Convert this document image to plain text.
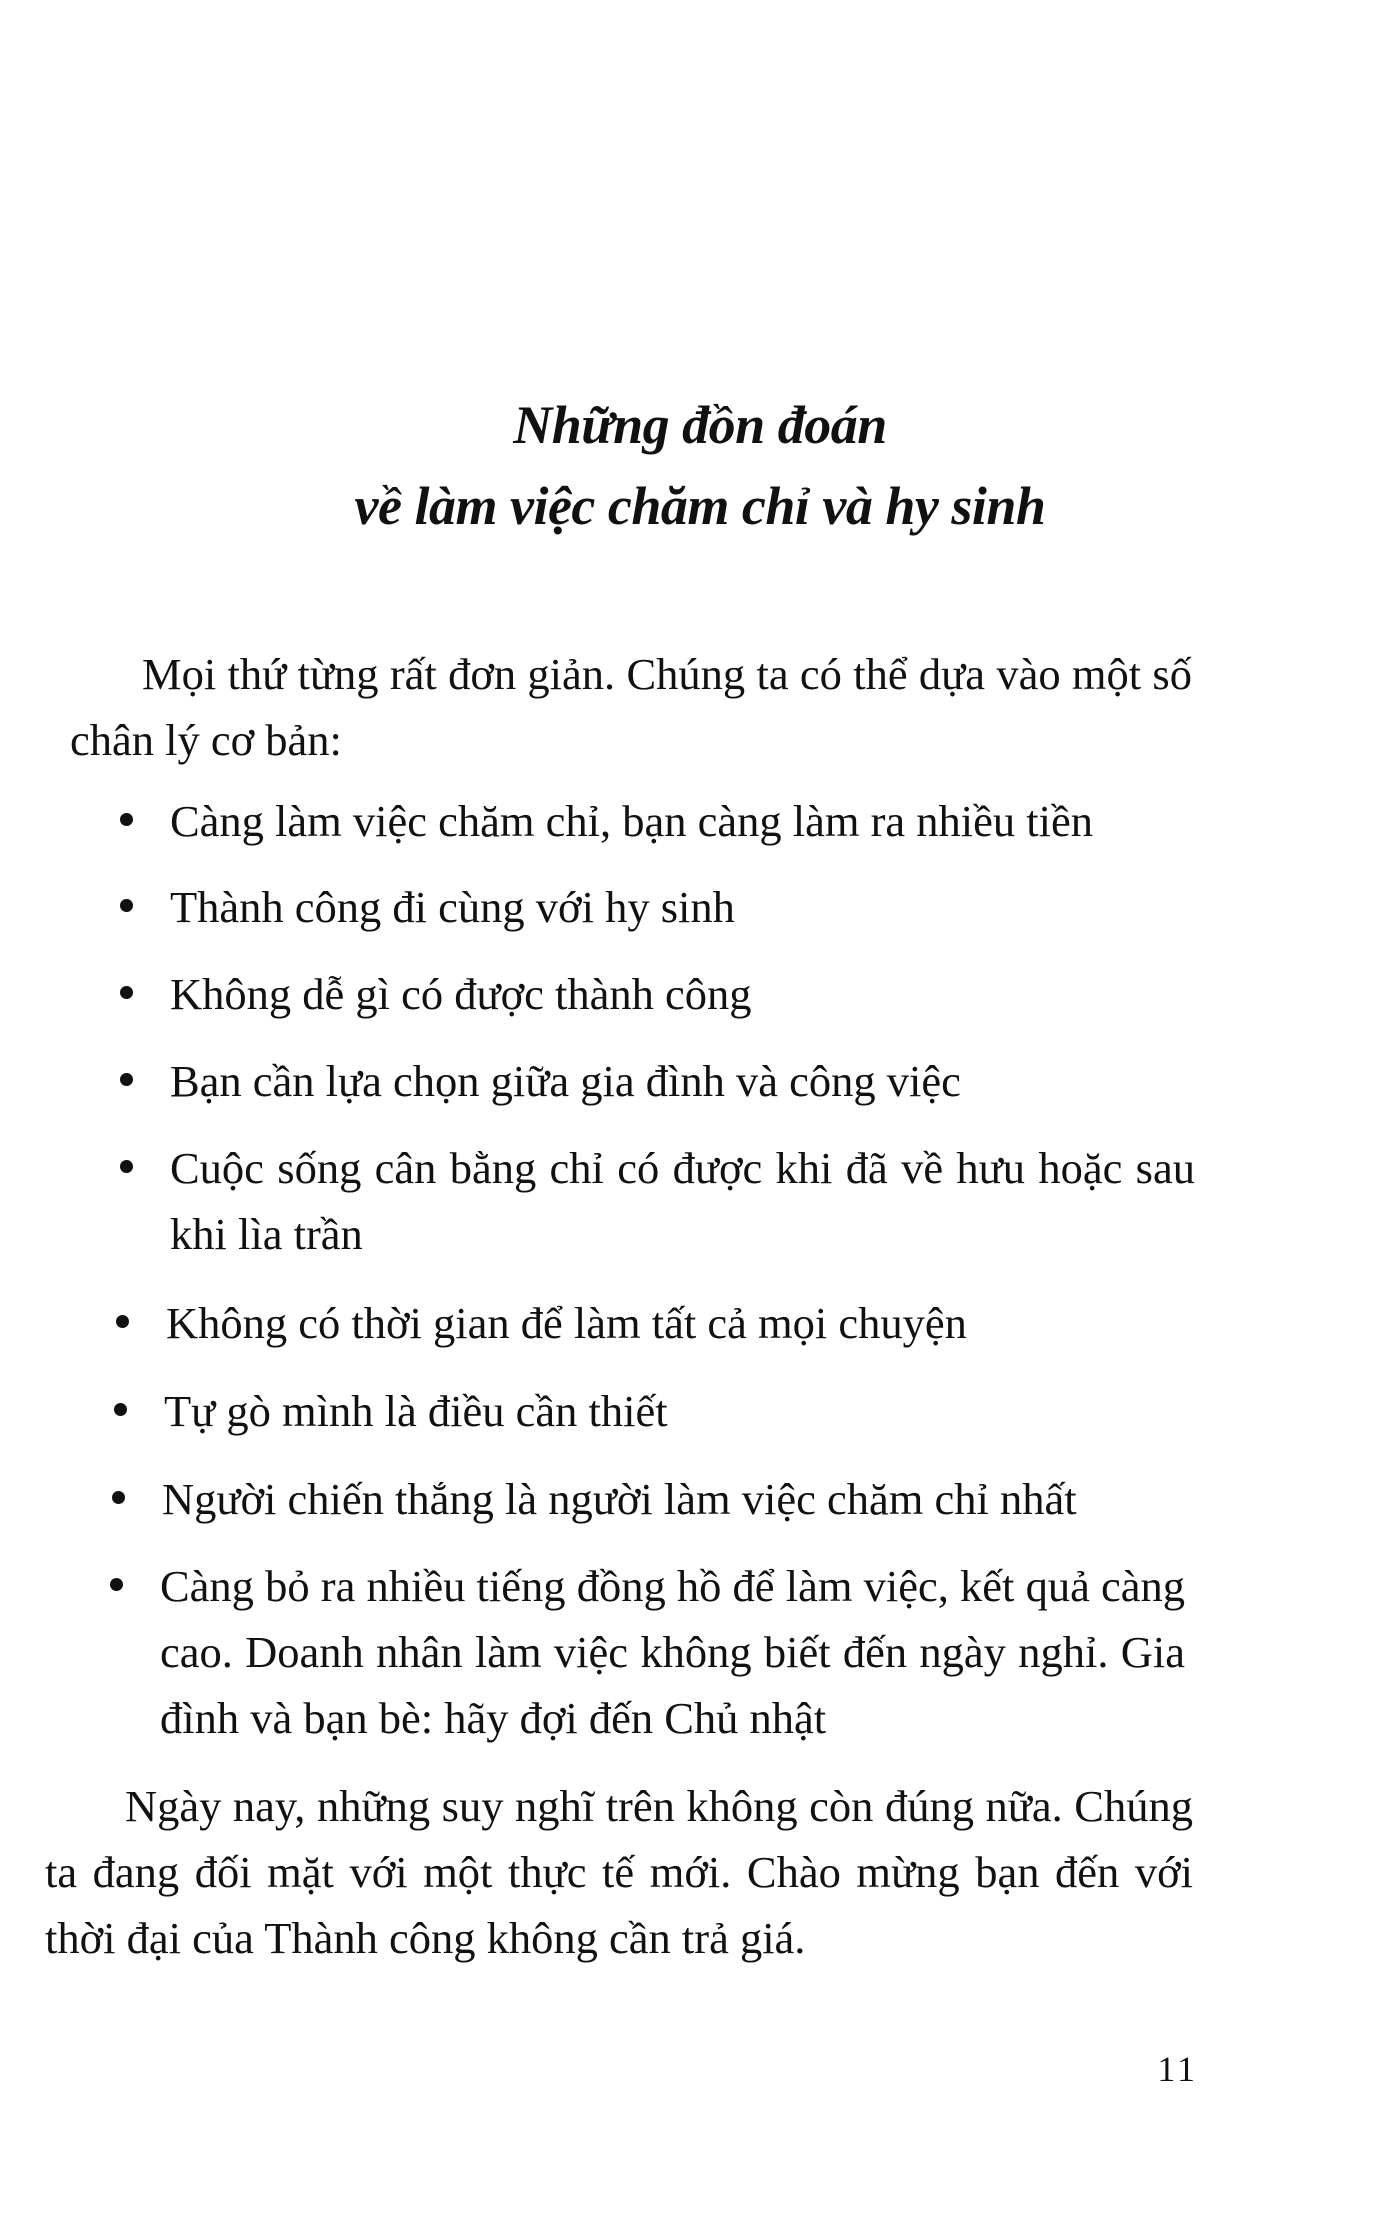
Những đồn đoán
về làm việc chăm chỉ và hy sinh

Mọi thứ từng rất đơn giản. Chúng ta có thể dựa vào một số chân lý cơ bản:

Càng làm việc chăm chỉ, bạn càng làm ra nhiều tiền
Thành công đi cùng với hy sinh
Không dễ gì có được thành công
Bạn cần lựa chọn giữa gia đình và công việc
Cuộc sống cân bằng chỉ có được khi đã về hưu hoặc sau khi lìa trần
Không có thời gian để làm tất cả mọi chuyện
Tự gò mình là điều cần thiết
Người chiến thắng là người làm việc chăm chỉ nhất
Càng bỏ ra nhiều tiếng đồng hồ để làm việc, kết quả càng cao. Doanh nhân làm việc không biết đến ngày nghỉ. Gia đình và bạn bè: hãy đợi đến Chủ nhật

Ngày nay, những suy nghĩ trên không còn đúng nữa. Chúng ta đang đối mặt với một thực tế mới. Chào mừng bạn đến với thời đại của Thành công không cần trả giá.

11
